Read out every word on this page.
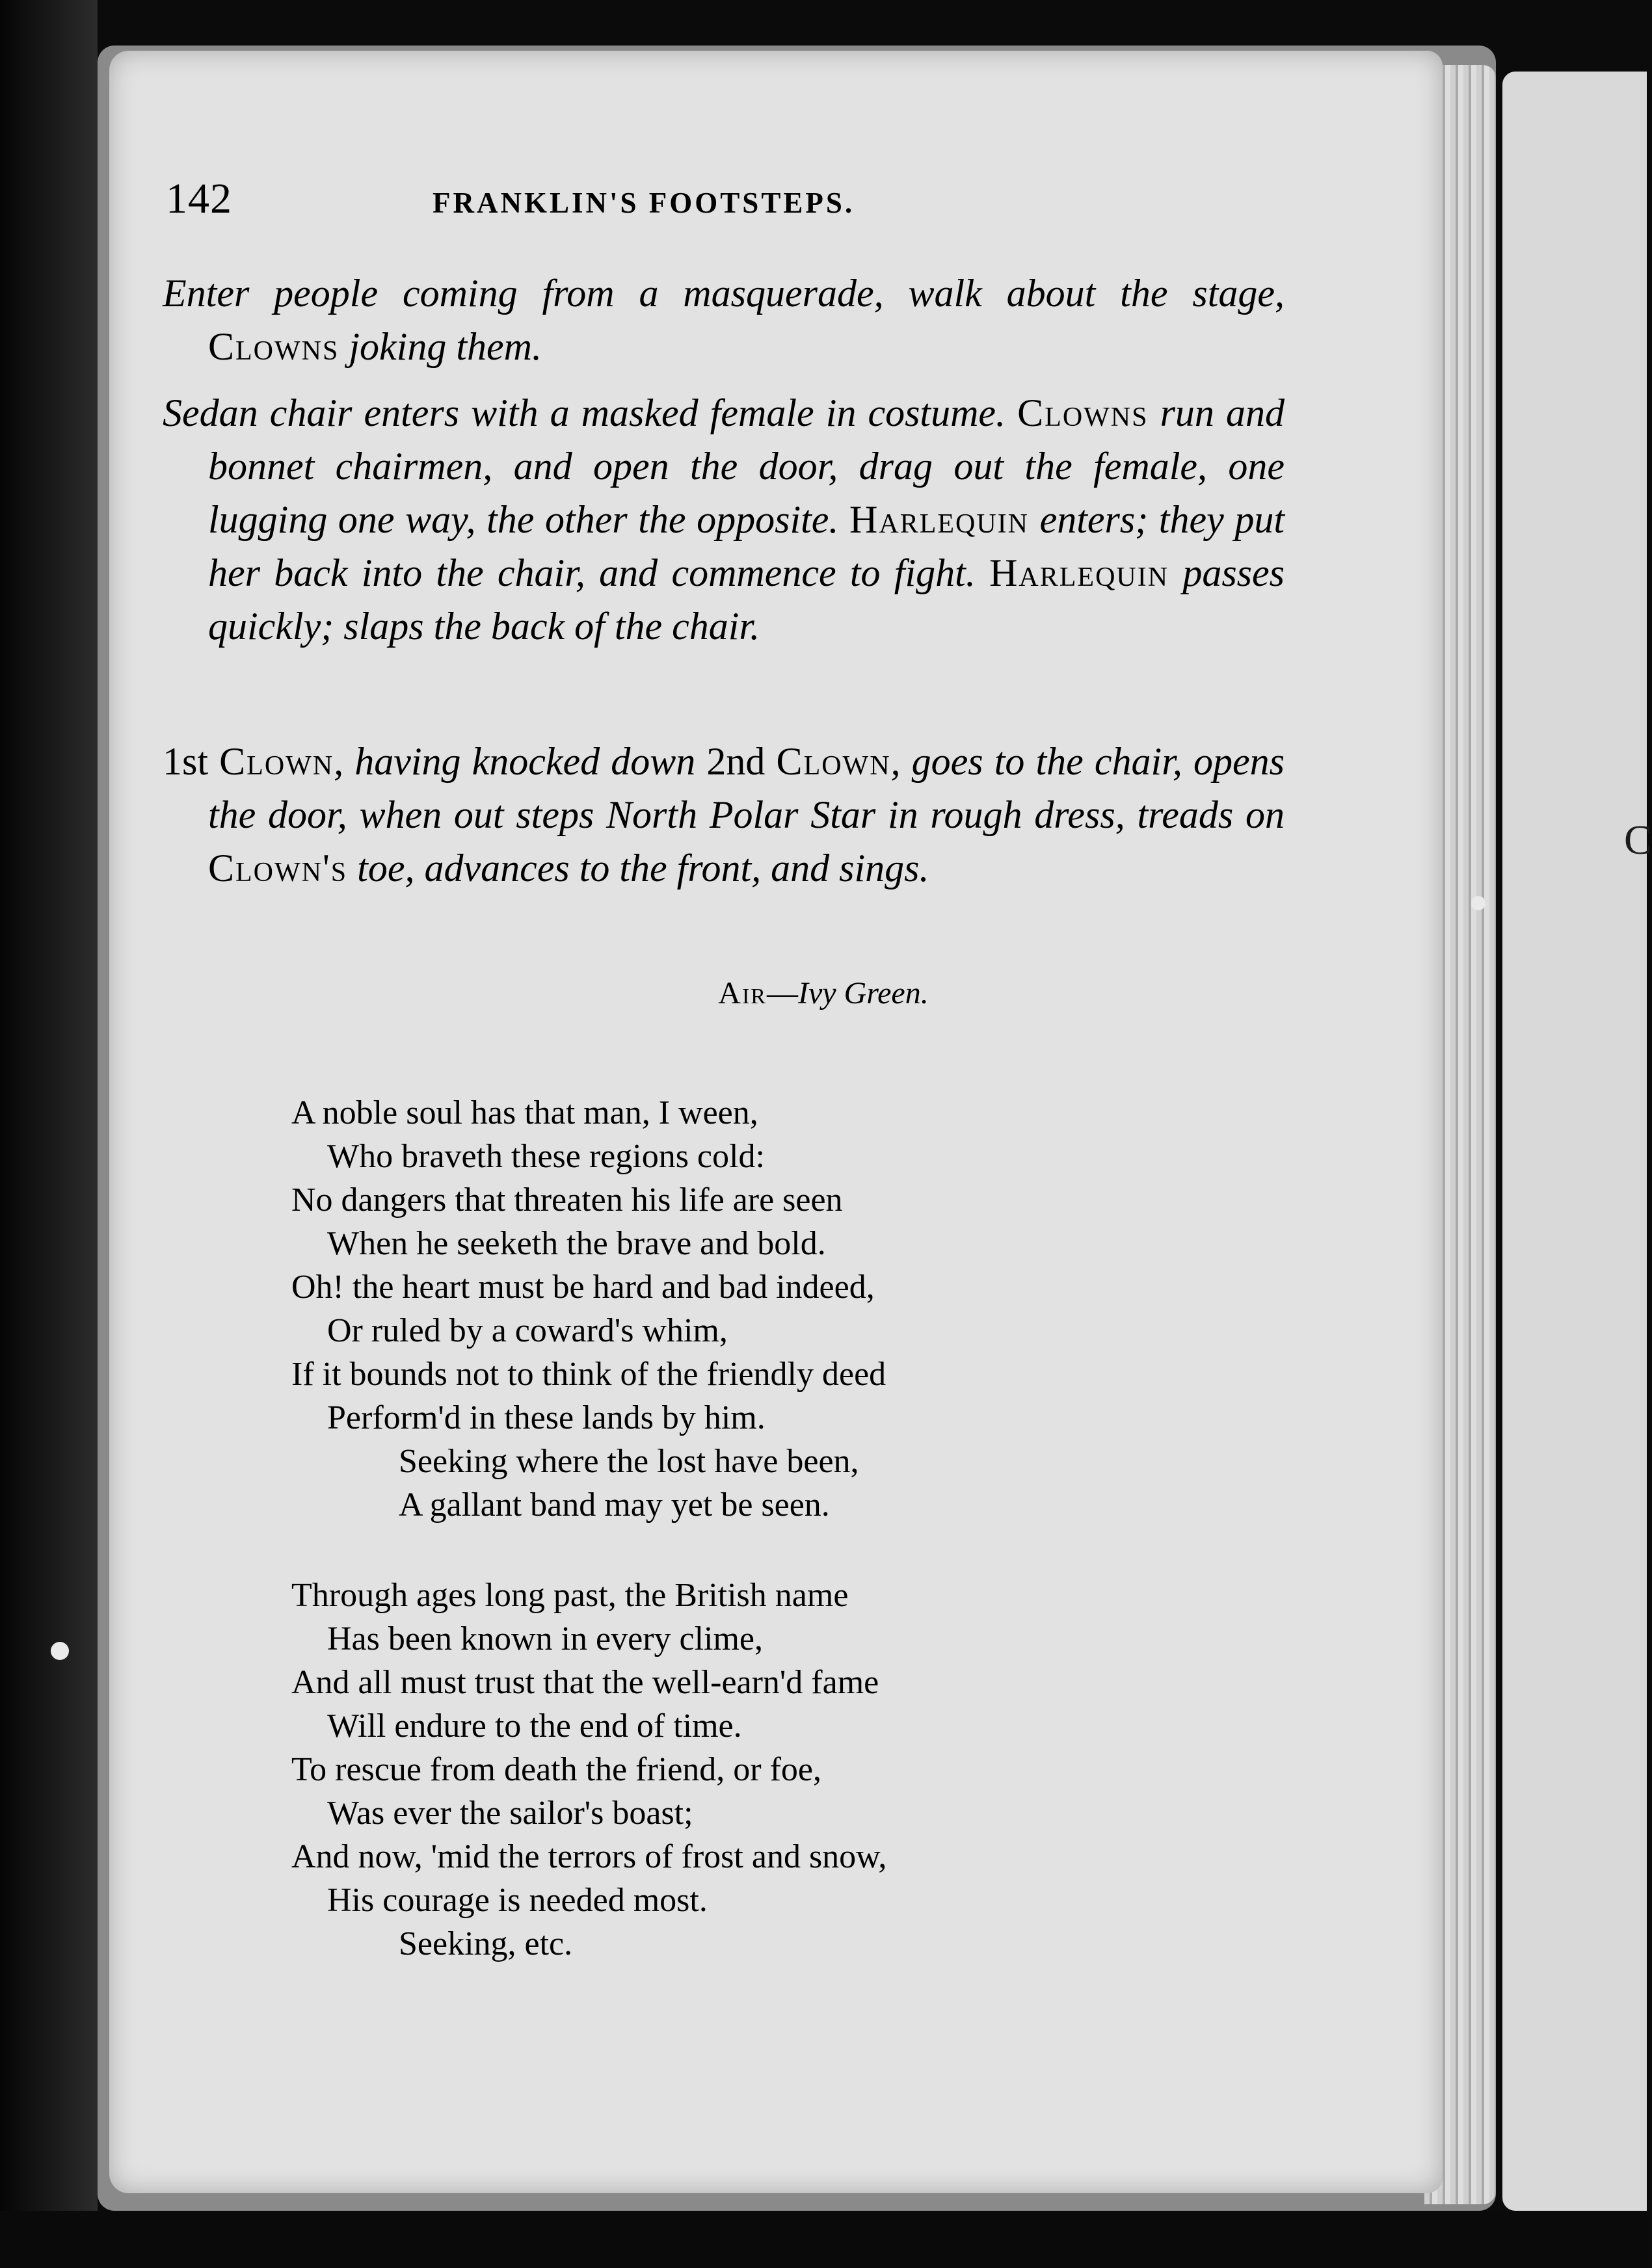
C
142	FRANKLIN'S FOOTSTEPS.

Enter people coming from a masquerade, walk about the stage, Clowns joking them.

Sedan chair enters with a masked female in costume. Clowns run and bonnet chairmen, and open the door, drag out the female, one lugging one way, the other the opposite. Harlequin enters; they put her back into the chair, and commence to fight. Harlequin passes quickly; slaps the back of the chair.

1st Clown, having knocked down 2nd Clown, goes to the chair, opens the door, when out steps North Polar Star in rough dress, treads on Clown's toe, advances to the front, and sings.

Air—Ivy Green.
A noble soul has that man, I ween,
Who braveth these regions cold:
No dangers that threaten his life are seen
When he seeketh the brave and bold.
Oh! the heart must be hard and bad indeed,
Or ruled by a coward's whim,
If it bounds not to think of the friendly deed
Perform'd in these lands by him.
Seeking where the lost have been,
A gallant band may yet be seen.
Through ages long past, the British name
Has been known in every clime,
And all must trust that the well-earn'd fame
Will endure to the end of time.
To rescue from death the friend, or foe,
Was ever the sailor's boast;
And now, 'mid the terrors of frost and snow,
His courage is needed most.
Seeking, etc.
